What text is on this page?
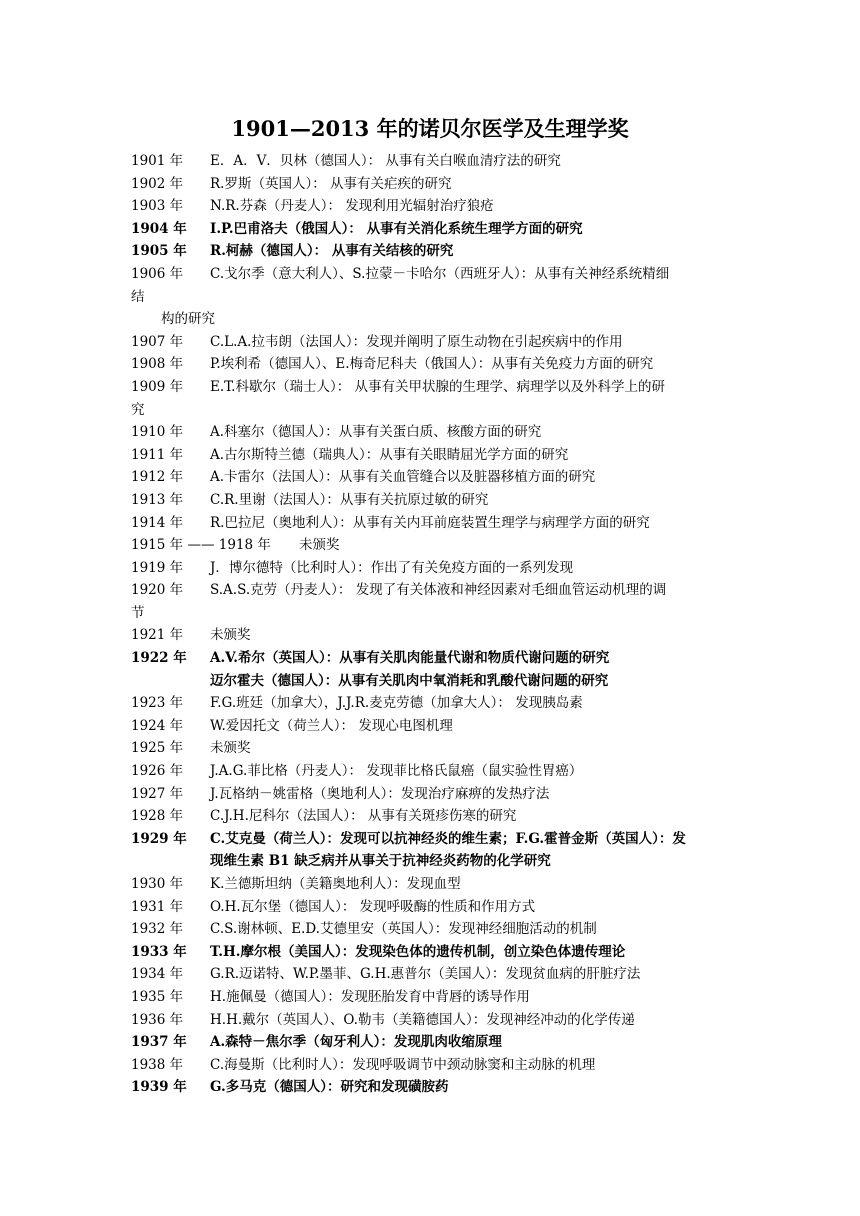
1901—2013 年的诺贝尔医学及生理学奖
1901 年 E．A．V．贝林（德国人）： 从事有关白喉血清疗法的研究
1902 年 R.罗斯（英国人）： 从事有关疟疾的研究
1903 年 N.R.芬森（丹麦人）： 发现利用光辐射治疗狼疮
1904 年 I.P.巴甫洛夫（俄国人）： 从事有关消化系统生理学方面的研究
1905 年 R.柯赫（德国人）： 从事有关结核的研究
1906 年 C.戈尔季（意大利人）、S.拉蒙－卡哈尔（西班牙人）：从事有关神经系统精细
结
构的研究
1907 年 C.L.A.拉韦朗（法国人）：发现并阐明了原生动物在引起疾病中的作用
1908 年 P.埃利希（德国人）、E.梅奇尼科夫（俄国人）：从事有关免疫力方面的研究
1909 年 E.T.科歇尔（瑞士人）： 从事有关甲状腺的生理学、病理学以及外科学上的研
究
1910 年 A.科塞尔（德国人）：从事有关蛋白质、核酸方面的研究
1911 年 A.古尔斯特兰德（瑞典人）：从事有关眼睛屈光学方面的研究
1912 年 A.卡雷尔（法国人）：从事有关血管缝合以及脏器移植方面的研究
1913 年 C.R.里谢（法国人）：从事有关抗原过敏的研究
1914 年 R.巴拉尼（奥地利人）：从事有关内耳前庭装置生理学与病理学方面的研究
1915 年 —— 1918 年 未颁奖
1919 年 J．博尔德特（比利时人）：作出了有关免疫方面的一系列发现
1920 年 S.A.S.克劳（丹麦人）： 发现了有关体液和神经因素对毛细血管运动机理的调
节
1921 年 未颁奖
1922 年 A.V.希尔（英国人）：从事有关肌肉能量代谢和物质代谢问题的研究
迈尔霍夫（德国人）：从事有关肌肉中氧消耗和乳酸代谢问题的研究
1923 年 F.G.班廷（加拿大），J.J.R.麦克劳德（加拿大人）： 发现胰岛素
1924 年 W.爱因托文（荷兰人）： 发现心电图机理
1925 年 未颁奖
1926 年 J.A.G.菲比格（丹麦人）： 发现菲比格氏鼠癌（鼠实验性胃癌）
1927 年 J.瓦格纳－姚雷格（奥地利人）：发现治疗麻痹的发热疗法
1928 年 C.J.H.尼科尔（法国人）： 从事有关斑疹伤寒的研究
1929 年 C.艾克曼（荷兰人）：发现可以抗神经炎的维生素；F.G.霍普金斯（英国人）：发
现维生素 B1 缺乏病并从事关于抗神经炎药物的化学研究
1930 年 K.兰德斯坦纳（美籍奥地利人）：发现血型
1931 年 O.H.瓦尔堡（德国人）： 发现呼吸酶的性质和作用方式
1932 年 C.S.谢林顿、E.D.艾德里安（英国人）：发现神经细胞活动的机制
1933 年 T.H.摩尔根（美国人）：发现染色体的遗传机制，创立染色体遗传理论
1934 年 G.R.迈诺特、W.P.墨菲、G.H.惠普尔（美国人）：发现贫血病的肝脏疗法
1935 年 H.施佩曼（德国人）：发现胚胎发育中背唇的诱导作用
1936 年 H.H.戴尔（英国人）、O.勒韦（美籍德国人）：发现神经冲动的化学传递
1937 年 A.森特－焦尔季（匈牙利人）：发现肌肉收缩原理
1938 年 C.海曼斯（比利时人）：发现呼吸调节中颈动脉窦和主动脉的机理
1939 年 G.多马克（德国人）：研究和发现磺胺药
